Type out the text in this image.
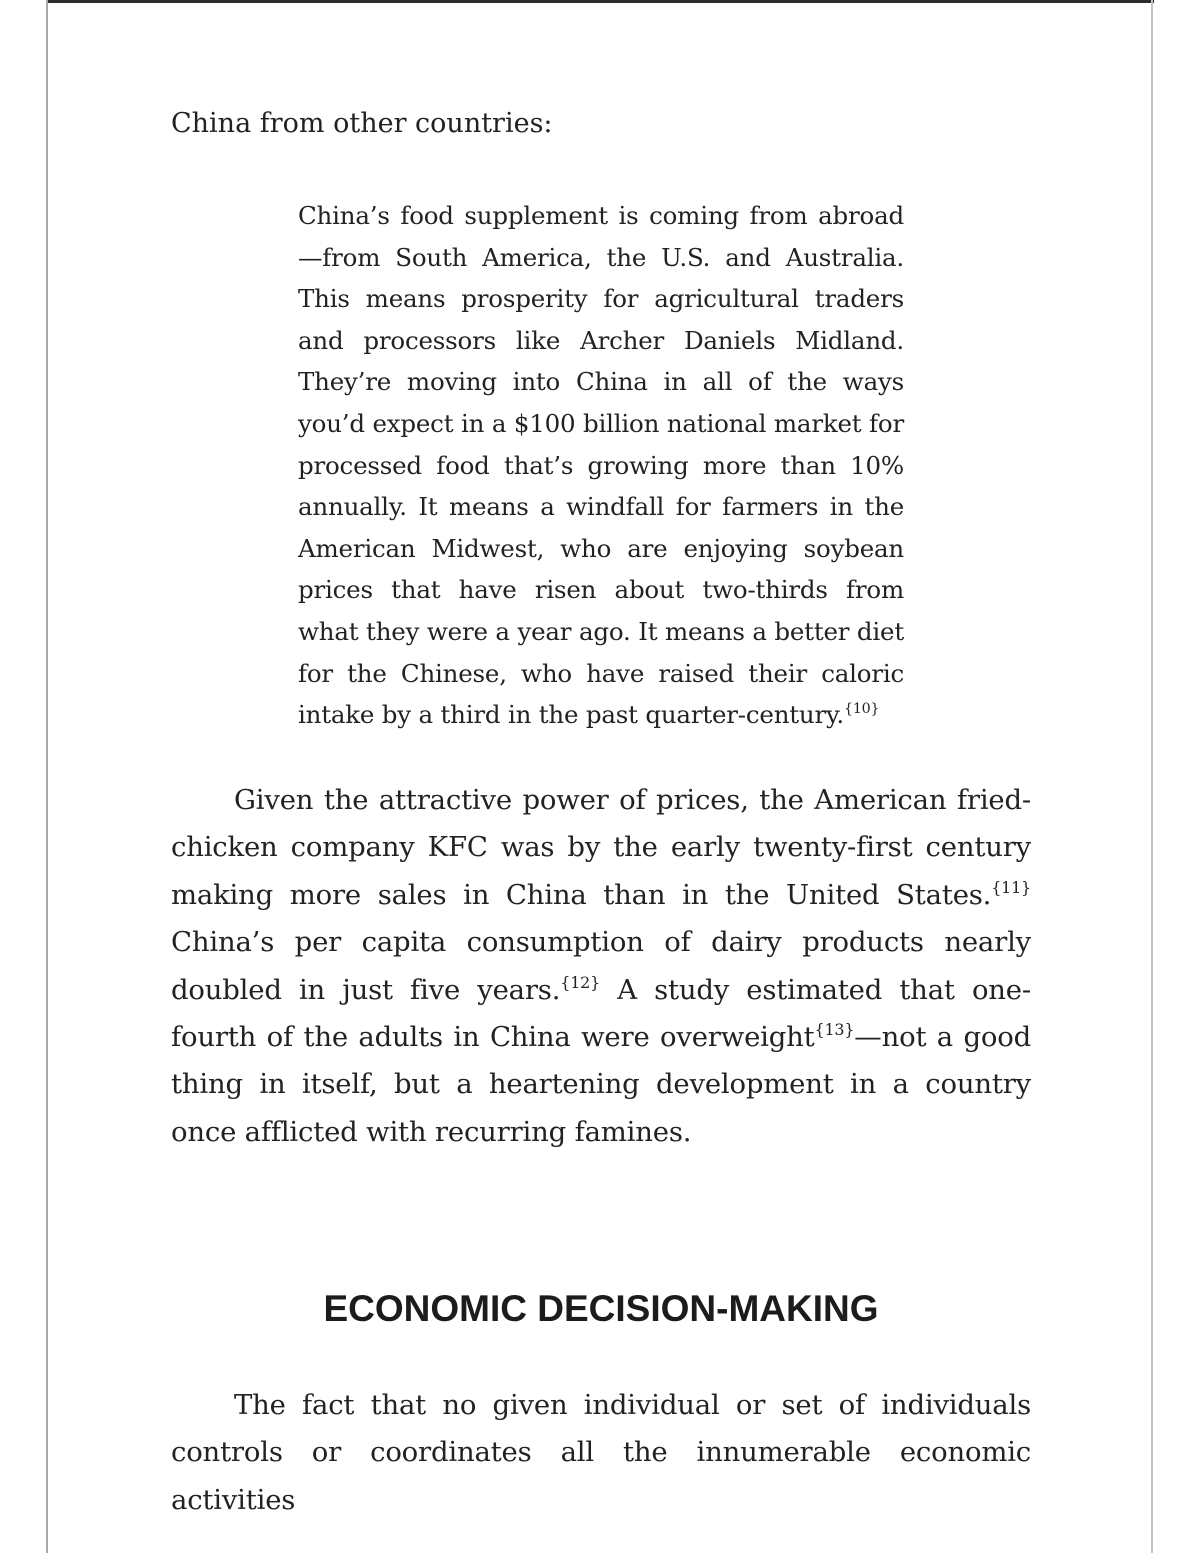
China from other countries:

China’s food supplement is coming from abroad—from South America, the U.S. and Australia. This means prosperity for agricultural traders and processors like Archer Daniels Midland. They’re moving into China in all of the ways you’d expect in a $100 billion national market for processed food that’s growing more than 10% annually. It means a windfall for farmers in the American Midwest, who are enjoying soybean prices that have risen about two-thirds from what they were a year ago. It means a better diet for the Chinese, who have raised their caloric intake by a third in the past quarter-century.$^{\{10\}}$

Given the attractive power of prices, the American fried-chicken company KFC was by the early twenty-first century making more sales in China than in the United States.$^{\{11\}}$ China’s per capita consumption of dairy products nearly doubled in just five years.$^{\{12\}}$ A study estimated that one-fourth of the adults in China were overweight$^{\{13\}}$—not a good thing in itself, but a heartening development in a country once afflicted with recurring famines.

ECONOMIC DECISION-MAKING

The fact that no given individual or set of individuals controls or coordinates all the innumerable economic activities
